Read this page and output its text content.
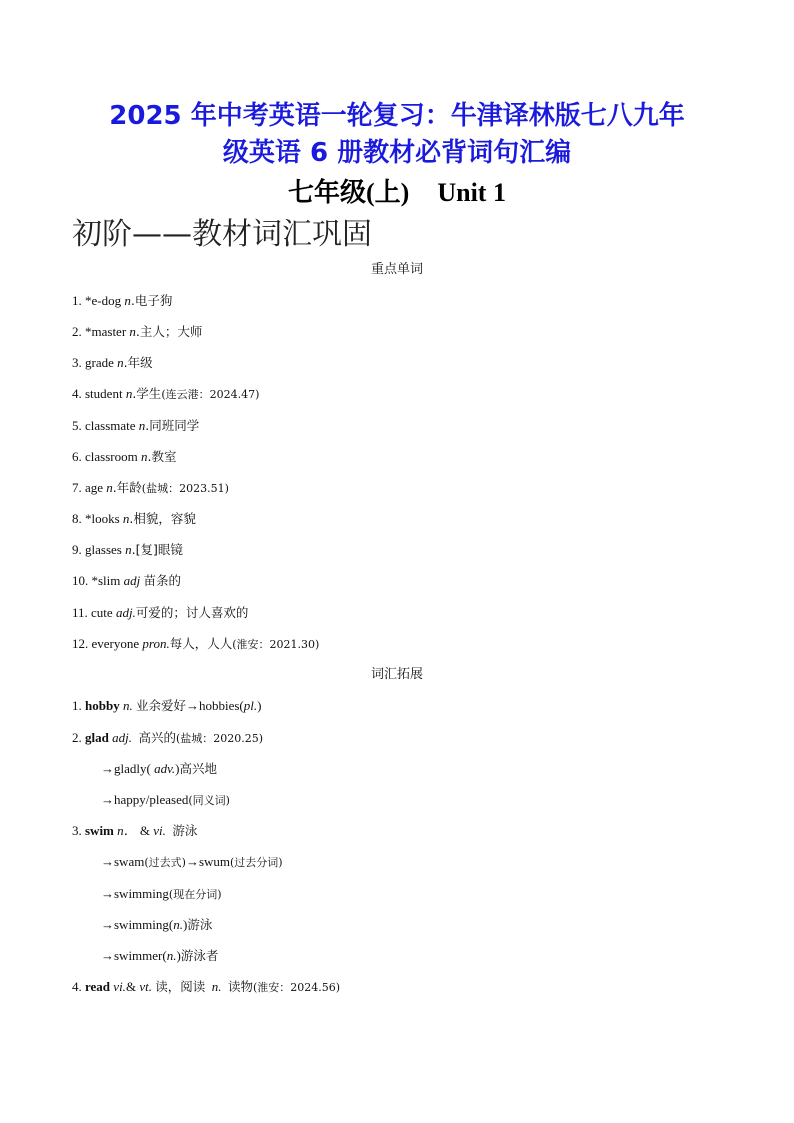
2025 年中考英语一轮复习：牛津译林版七八九年
级英语 6 册教材必背词句汇编
七年级(上) Unit 1
初阶——教材词汇巩固
重点单词
1. *e-dog n.电子狗
2. *master n.主人；大师
3. grade n.年级
4. student n.学生(连云港：2024.47)
5. classmate n.同班同学
6. classroom n.教室
7. age n.年龄(盐城：2023.51)
8. *looks n.相貌，容貌
9. glasses n.[复]眼镜
10. *slim adj 苗条的
11. cute adj.可爱的；讨人喜欢的
12. everyone pron.每人，人人(淮安：2021.30)
词汇拓展
1. hobby n. 业余爱好→hobbies(pl.)
2. glad adj. 高兴的(盐城：2020.25)
→gladly( adv.)高兴地
→happy/pleased(同义词)
3. swim n． & vi. 游泳
→swam(过去式)→swum(过去分词)
→swimming(现在分词)
→swimming(n.)游泳
→swimmer(n.)游泳者
4. read vi.& vt. 读，阅读 n. 读物(淮安：2024.56)
